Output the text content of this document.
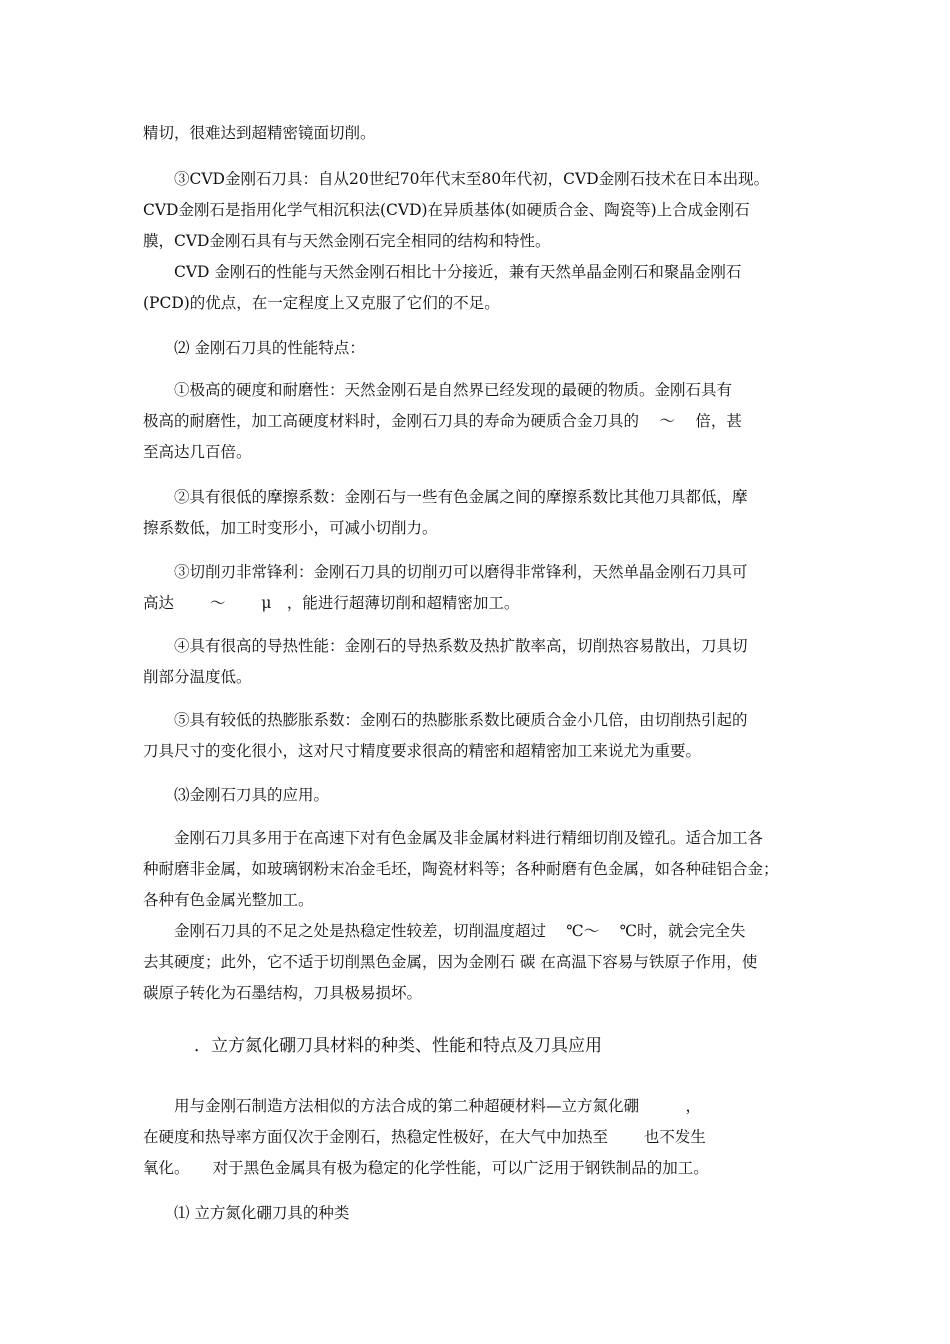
精切，很难达到超精密镜面切削。
　　③CVD金刚石刀具：自从20世纪70年代末至80年代初，CVD金刚石技术在日本出现。
CVD金刚石是指用化学气相沉积法(CVD)在异质基体(如硬质合金、陶瓷等)上合成金刚石
膜，CVD金刚石具有与天然金刚石完全相同的结构和特性。
　　CVD 金刚石的性能与天然金刚石相比十分接近，兼有天然单晶金刚石和聚晶金刚石
(PCD)的优点，在一定程度上又克服了它们的不足。
　　⑵ 金刚石刀具的性能特点：
　　①极高的硬度和耐磨性：天然金刚石是自然界已经发现的最硬的物质。金刚石具有
极高的耐磨性，加工高硬度材料时，金刚石刀具的寿命为硬质合金刀具的　 ～　 倍，甚
至高达几百倍。
　　②具有很低的摩擦系数：金刚石与一些有色金属之间的摩擦系数比其他刀具都低，摩
擦系数低，加工时变形小，可减小切削力。
　　③切削刃非常锋利：金刚石刀具的切削刃可以磨得非常锋利，天然单晶金刚石刀具可
高达　　 ～　　 μ　，能进行超薄切削和超精密加工。
　　④具有很高的导热性能：金刚石的导热系数及热扩散率高，切削热容易散出，刀具切
削部分温度低。
　　⑤具有较低的热膨胀系数：金刚石的热膨胀系数比硬质合金小几倍，由切削热引起的
刀具尺寸的变化很小，这对尺寸精度要求很高的精密和超精密加工来说尤为重要。
　　⑶金刚石刀具的应用。
　　金刚石刀具多用于在高速下对有色金属及非金属材料进行精细切削及镗孔。适合加工各
种耐磨非金属，如玻璃钢粉末冶金毛坯，陶瓷材料等；各种耐磨有色金属，如各种硅铝合金；
各种有色金属光整加工。
　　金刚石刀具的不足之处是热稳定性较差，切削温度超过　 ℃～　 ℃时，就会完全失
去其硬度；此外，它不适于切削黑色金属，因为金刚石 碳 在高温下容易与铁原子作用，使
碳原子转化为石墨结构，刀具极易损坏。
　　　．立方氮化硼刀具材料的种类、性能和特点及刀具应用
　　用与金刚石制造方法相似的方法合成的第二种超硬材料—立方氮化硼　　　，
在硬度和热导率方面仅次于金刚石，热稳定性极好，在大气中加热至　　 也不发生
氧化。　　对于黑色金属具有极为稳定的化学性能，可以广泛用于钢铁制品的加工。
　　⑴ 立方氮化硼刀具的种类
